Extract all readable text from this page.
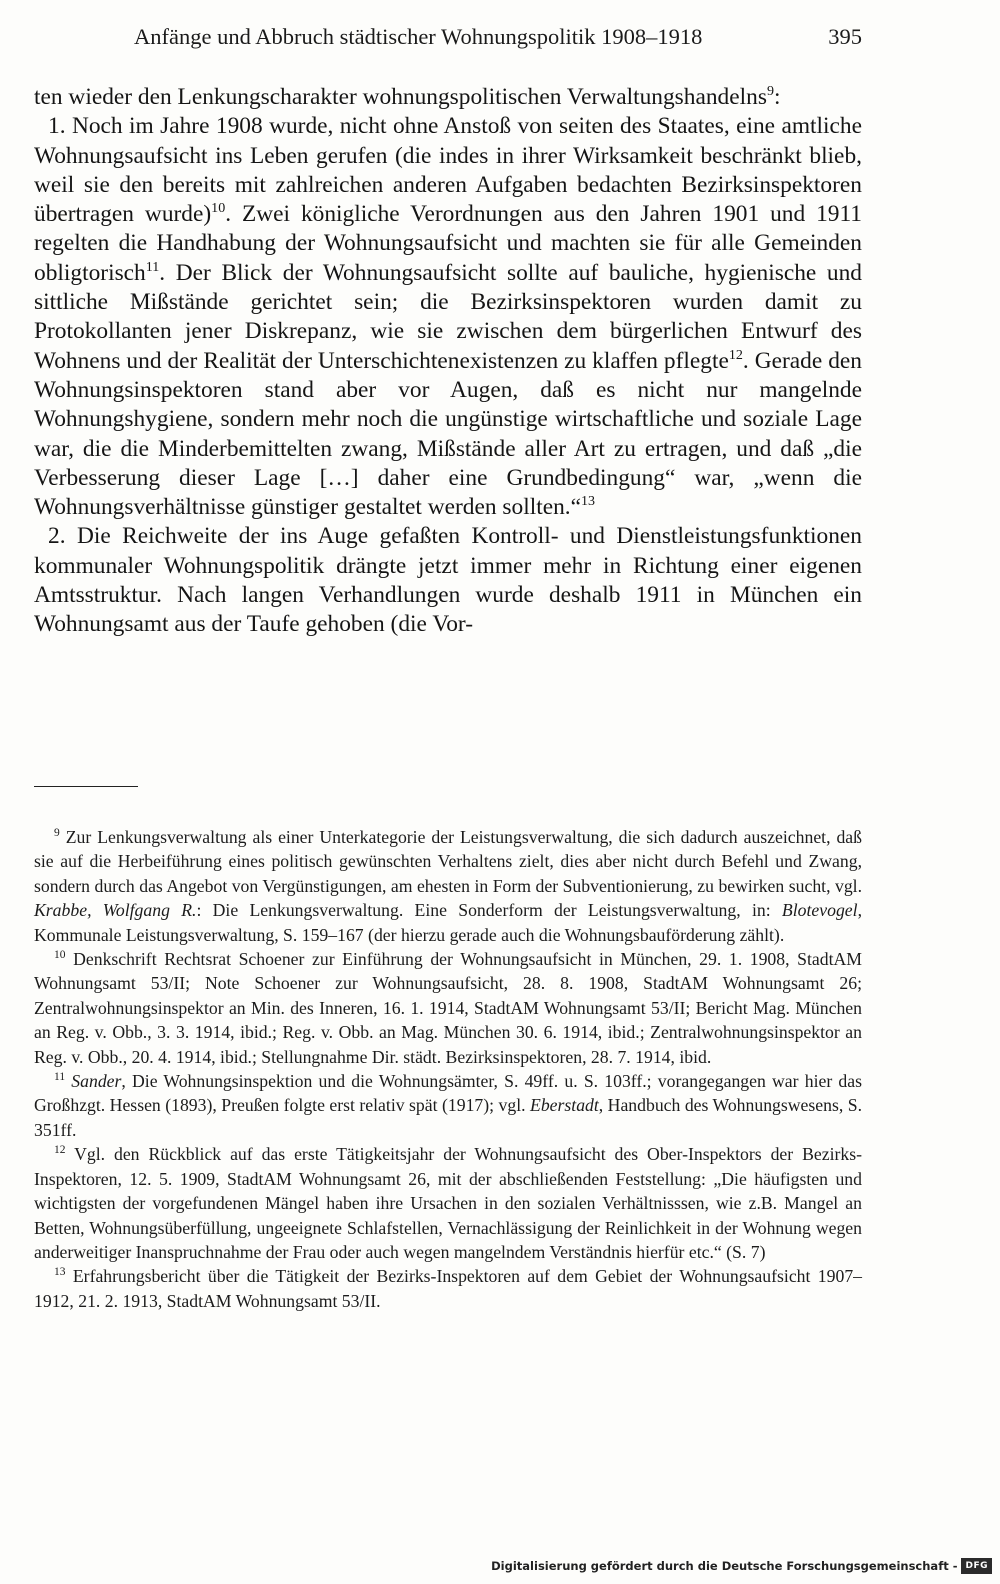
Anfänge und Abbruch städtischer Wohnungspolitik 1908–1918	395

ten wieder den Lenkungscharakter wohnungspolitischen Verwaltungshandelns$^9$:

1. Noch im Jahre 1908 wurde, nicht ohne Anstoß von seiten des Staates, eine amtliche Wohnungsaufsicht ins Leben gerufen (die indes in ihrer Wirksamkeit beschränkt blieb, weil sie den bereits mit zahlreichen anderen Aufgaben bedachten Bezirksinspektoren übertragen wurde)$^{10}$. Zwei königliche Verordnungen aus den Jahren 1901 und 1911 regelten die Handhabung der Wohnungsaufsicht und machten sie für alle Gemeinden obligtorisch$^{11}$. Der Blick der Wohnungsaufsicht sollte auf bauliche, hygienische und sittliche Mißstände gerichtet sein; die Bezirksinspektoren wurden damit zu Protokollanten jener Diskrepanz, wie sie zwischen dem bürgerlichen Entwurf des Wohnens und der Realität der Unterschichtenexistenzen zu klaffen pflegte$^{12}$. Gerade den Wohnungsinspektoren stand aber vor Augen, daß es nicht nur mangelnde Wohnungshygiene, sondern mehr noch die ungünstige wirtschaftliche und soziale Lage war, die die Minderbemittelten zwang, Mißstände aller Art zu ertragen, und daß „die Verbesserung dieser Lage […] daher eine Grundbedingung“ war, „wenn die Wohnungsverhältnisse günstiger gestaltet werden sollten.“$^{13}$

2. Die Reichweite der ins Auge gefaßten Kontroll- und Dienstleistungsfunktionen kommunaler Wohnungspolitik drängte jetzt immer mehr in Richtung einer eigenen Amtsstruktur. Nach langen Verhandlungen wurde deshalb 1911 in München ein Wohnungsamt aus der Taufe gehoben (die Vor-

$^9$ Zur Lenkungsverwaltung als einer Unterkategorie der Leistungsverwaltung, die sich dadurch auszeichnet, daß sie auf die Herbeiführung eines politisch gewünschten Verhaltens zielt, dies aber nicht durch Befehl und Zwang, sondern durch das Angebot von Vergünstigungen, am ehesten in Form der Subventionierung, zu bewirken sucht, vgl. Krabbe, Wolfgang R.: Die Lenkungsverwaltung. Eine Sonderform der Leistungsverwaltung, in: Blotevogel, Kommunale Leistungsverwaltung, S. 159–167 (der hierzu gerade auch die Wohnungsbauförderung zählt).

$^{10}$ Denkschrift Rechtsrat Schoener zur Einführung der Wohnungsaufsicht in München, 29. 1. 1908, StadtAM Wohnungsamt 53/II; Note Schoener zur Wohnungsaufsicht, 28. 8. 1908, StadtAM Wohnungsamt 26; Zentralwohnungsinspektor an Min. des Inneren, 16. 1. 1914, StadtAM Wohnungsamt 53/II; Bericht Mag. München an Reg. v. Obb., 3. 3. 1914, ibid.; Reg. v. Obb. an Mag. München 30. 6. 1914, ibid.; Zentralwohnungsinspektor an Reg. v. Obb., 20. 4. 1914, ibid.; Stellungnahme Dir. städt. Bezirksinspektoren, 28. 7. 1914, ibid.

$^{11}$ Sander, Die Wohnungsinspektion und die Wohnungsämter, S. 49ff. u. S. 103ff.; vorangegangen war hier das Großhzgt. Hessen (1893), Preußen folgte erst relativ spät (1917); vgl. Eberstadt, Handbuch des Wohnungswesens, S. 351ff.

$^{12}$ Vgl. den Rückblick auf das erste Tätigkeitsjahr der Wohnungsaufsicht des Ober-Inspektors der Bezirks-Inspektoren, 12. 5. 1909, StadtAM Wohnungsamt 26, mit der abschließenden Feststellung: „Die häufigsten und wichtigsten der vorgefundenen Mängel haben ihre Ursachen in den sozialen Verhältnisssen, wie z.B. Mangel an Betten, Wohnungsüberfüllung, ungeeignete Schlafstellen, Vernachlässigung der Reinlichkeit in der Wohnung wegen anderweitiger Inanspruchnahme der Frau oder auch wegen mangelndem Verständnis hierfür etc.“ (S. 7)

$^{13}$ Erfahrungsbericht über die Tätigkeit der Bezirks-Inspektoren auf dem Gebiet der Wohnungsaufsicht 1907–1912, 21. 2. 1913, StadtAM Wohnungsamt 53/II.

Digitalisierung gefördert durch die Deutsche Forschungsgemeinschaft - DFG
